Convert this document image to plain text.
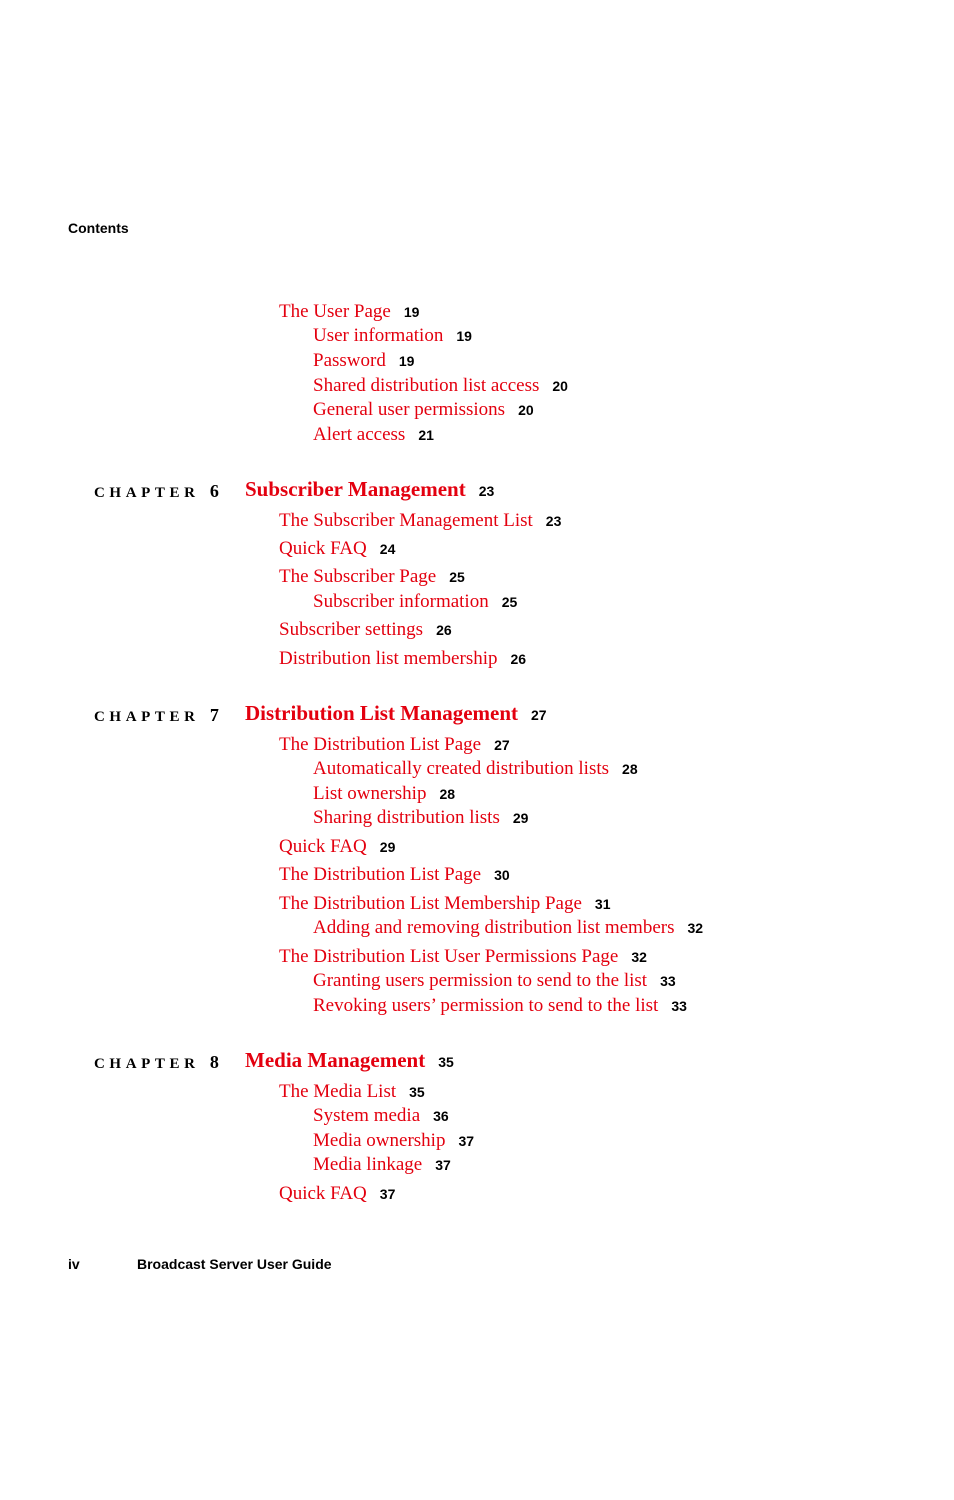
Contents
The User Page 19
User information 19
Password 19
Shared distribution list access 20
General user permissions 20
Alert access 21
CHAPTER 6 Subscriber Management 23
The Subscriber Management List 23
Quick FAQ 24
The Subscriber Page 25
Subscriber information 25
Subscriber settings 26
Distribution list membership 26
CHAPTER 7 Distribution List Management 27
The Distribution List Page 27
Automatically created distribution lists 28
List ownership 28
Sharing distribution lists 29
Quick FAQ 29
The Distribution List Page 30
The Distribution List Membership Page 31
Adding and removing distribution list members 32
The Distribution List User Permissions Page 32
Granting users permission to send to the list 33
Revoking users’ permission to send to the list 33
CHAPTER 8 Media Management 35
The Media List 35
System media 36
Media ownership 37
Media linkage 37
Quick FAQ 37
iv	Broadcast Server User Guide
